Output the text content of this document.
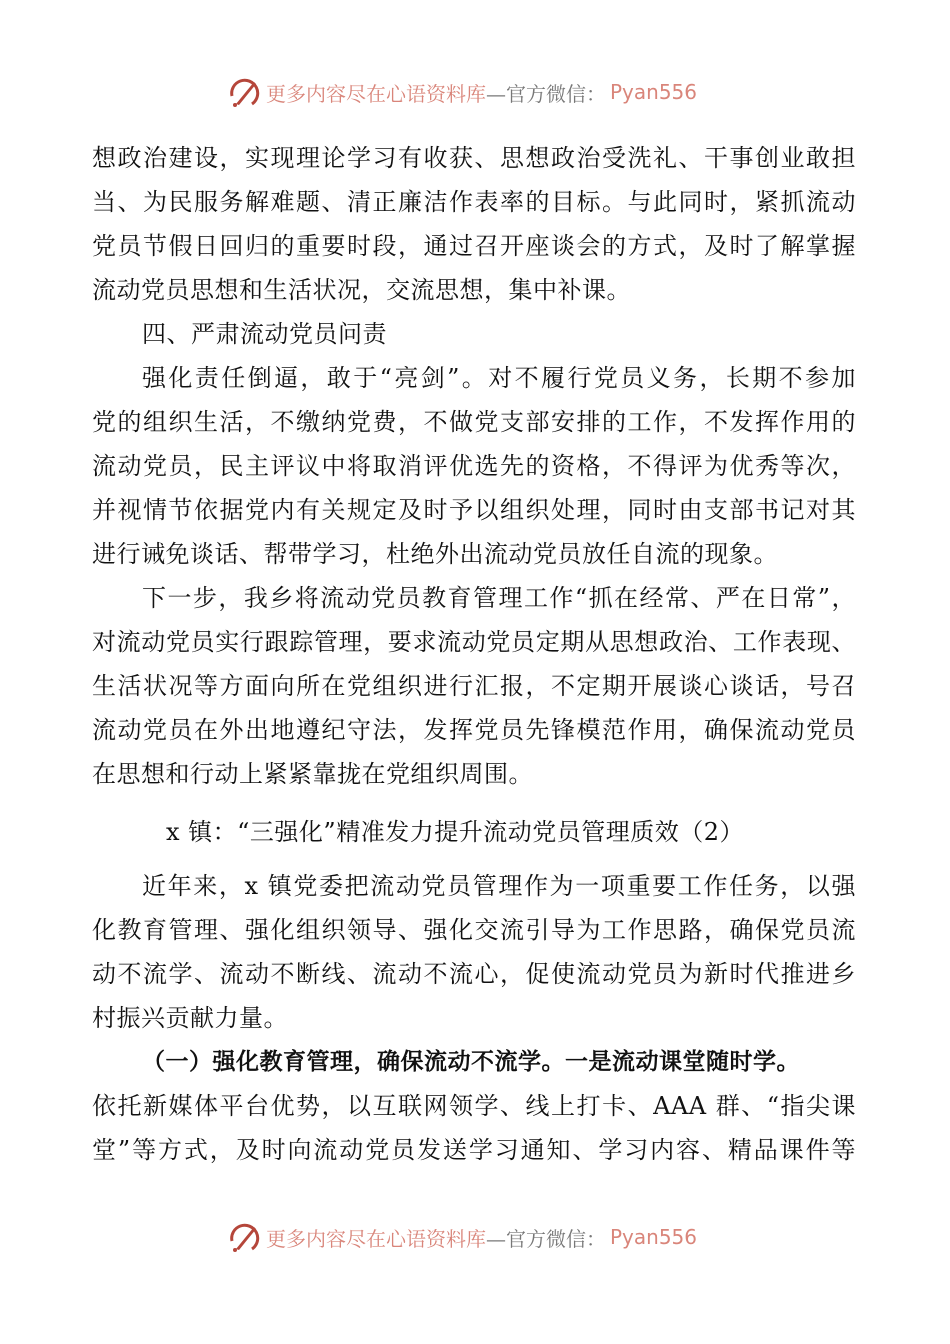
更多内容尽在心语资料库 —官方微信： Pyan556
想政治建设，实现理论学习有收获、思想政治受洗礼、干事创业敢担
当、为民服务解难题、清正廉洁作表率的目标。与此同时，紧抓流动
党员节假日回归的重要时段，通过召开座谈会的方式，及时了解掌握
流动党员思想和生活状况，交流思想，集中补课。
四、严肃流动党员问责
强化责任倒逼，敢于“亮剑”。对不履行党员义务，长期不参加
党的组织生活，不缴纳党费，不做党支部安排的工作，不发挥作用的
流动党员，民主评议中将取消评优选先的资格，不得评为优秀等次，
并视情节依据党内有关规定及时予以组织处理，同时由支部书记对其
进行诫免谈话、帮带学习，杜绝外出流动党员放任自流的现象。
下一步，我乡将流动党员教育管理工作“抓在经常、严在日常”，
对流动党员实行跟踪管理，要求流动党员定期从思想政治、工作表现、
生活状况等方面向所在党组织进行汇报，不定期开展谈心谈话，号召
流动党员在外出地遵纪守法，发挥党员先锋模范作用，确保流动党员
在思想和行动上紧紧靠拢在党组织周围。
x 镇：“三强化”精准发力提升流动党员管理质效（2）
近年来，x 镇党委把流动党员管理作为一项重要工作任务，以强
化教育管理、强化组织领导、强化交流引导为工作思路，确保党员流
动不流学、流动不断线、流动不流心，促使流动党员为新时代推进乡
村振兴贡献力量。
（一）强化教育管理，确保流动不流学。一是流动课堂随时学。
依托新媒体平台优势，以互联网领学、线上打卡、AAA 群、“指尖课
堂”等方式，及时向流动党员发送学习通知、学习内容、精品课件等
更多内容尽在心语资料库 —官方微信： Pyan556
